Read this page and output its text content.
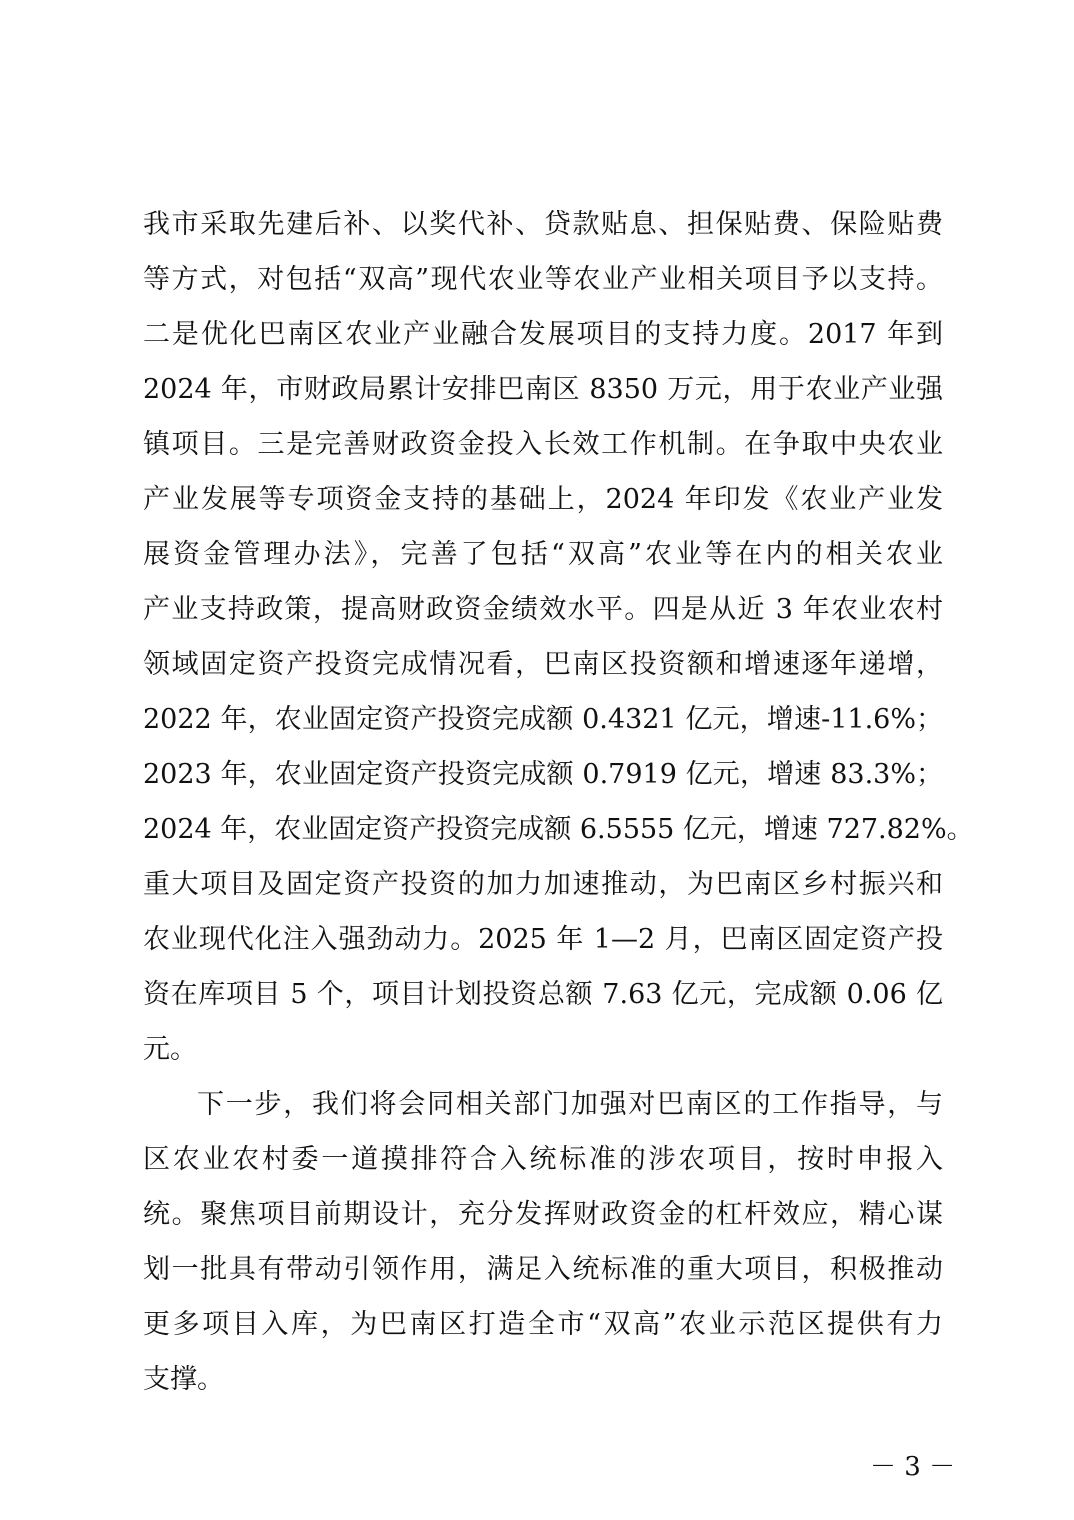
我市采取先建后补、以奖代补、贷款贴息、担保贴费、保险贴费
等方式，对包括“双高”现代农业等农业产业相关项目予以支持。
二是优化巴南区农业产业融合发展项目的支持力度。2017 年到
2024 年，市财政局累计安排巴南区 8350 万元，用于农业产业强
镇项目。三是完善财政资金投入长效工作机制。在争取中央农业
产业发展等专项资金支持的基础上，2024 年印发《农业产业发
展资金管理办法》，完善了包括“双高”农业等在内的相关农业
产业支持政策，提高财政资金绩效水平。四是从近 3 年农业农村
领域固定资产投资完成情况看，巴南区投资额和增速逐年递增，
2022 年，农业固定资产投资完成额 0.4321 亿元，增速-11.6%；
2023 年，农业固定资产投资完成额 0.7919 亿元，增速 83.3%；
2024 年，农业固定资产投资完成额 6.5555 亿元，增速 727.82%。
重大项目及固定资产投资的加力加速推动，为巴南区乡村振兴和
农业现代化注入强劲动力。2025 年 1—2 月，巴南区固定资产投
资在库项目 5 个，项目计划投资总额 7.63 亿元，完成额 0.06 亿
元。
下一步，我们将会同相关部门加强对巴南区的工作指导，与
区农业农村委一道摸排符合入统标准的涉农项目，按时申报入
统。聚焦项目前期设计，充分发挥财政资金的杠杆效应，精心谋
划一批具有带动引领作用，满足入统标准的重大项目，积极推动
更多项目入库，为巴南区打造全市“双高”农业示范区提供有力
支撑。
－ 3 －
